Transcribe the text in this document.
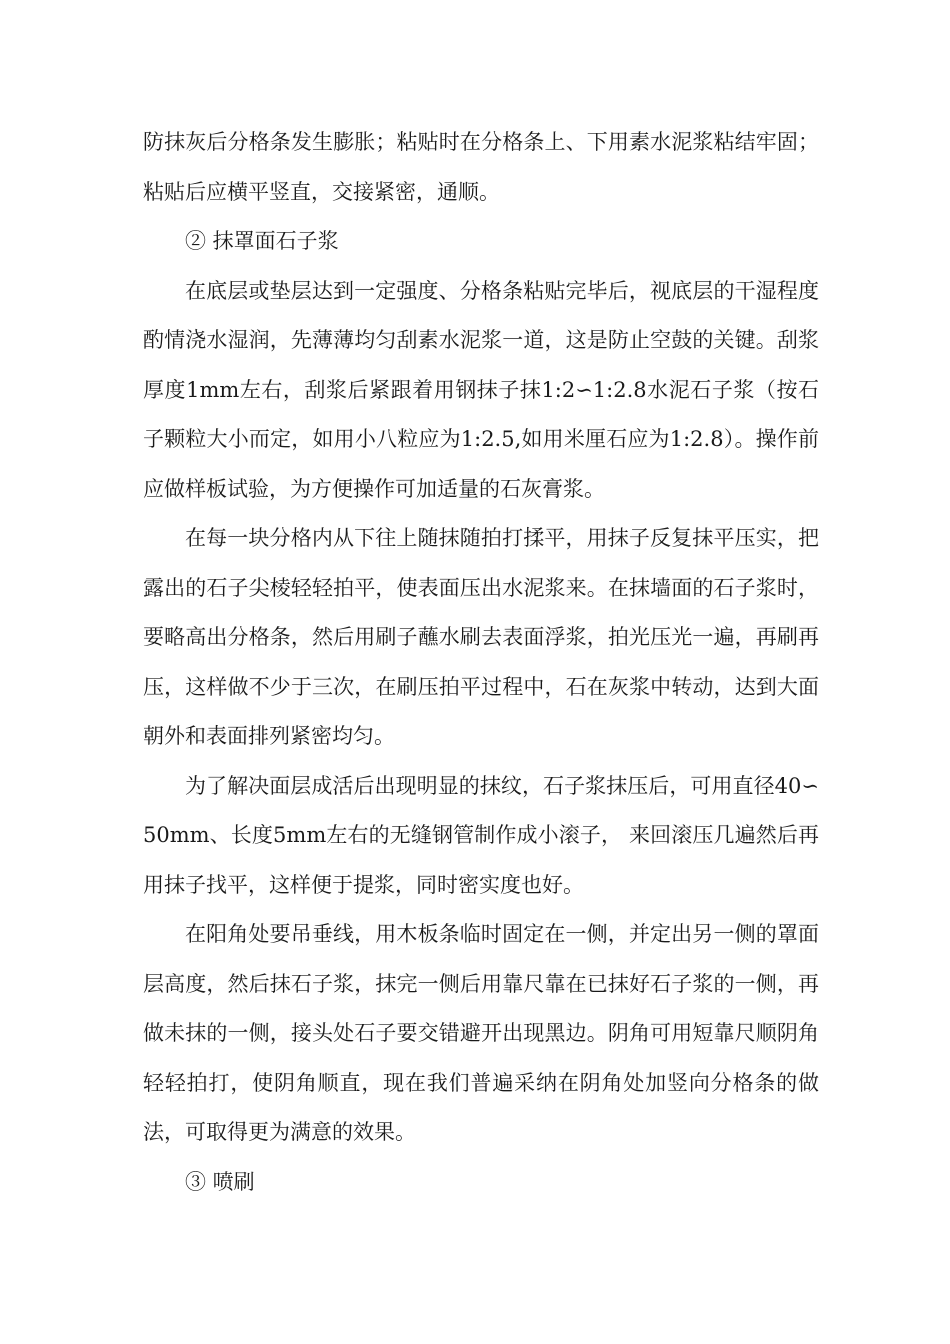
防抹灰后分格条发生膨胀；粘贴时在分格条上、下用素水泥浆粘结牢固；粘贴后应横平竖直，交接紧密，通顺。

② 抹罩面石子浆

在底层或垫层达到一定强度、分格条粘贴完毕后，视底层的干湿程度酌情浇水湿润，先薄薄均匀刮素水泥浆一道，这是防止空鼓的关键。刮浆厚度1mm左右，刮浆后紧跟着用钢抹子抹1:2∽1:2.8水泥石子浆（按石子颗粒大小而定，如用小八粒应为1:2.5,如用米厘石应为1:2.8）。操作前应做样板试验，为方便操作可加适量的石灰膏浆。

在每一块分格内从下往上随抹随拍打揉平，用抹子反复抹平压实，把露出的石子尖棱轻轻拍平，使表面压出水泥浆来。在抹墙面的石子浆时，要略高出分格条，然后用刷子蘸水刷去表面浮浆，拍光压光一遍，再刷再压，这样做不少于三次，在刷压拍平过程中，石在灰浆中转动，达到大面朝外和表面排列紧密均匀。

为了解决面层成活后出现明显的抹纹，石子浆抹压后，可用直径40∽50mm、长度5mm左右的无缝钢管制作成小滚子， 来回滚压几遍然后再用抹子找平，这样便于提浆，同时密实度也好。

在阳角处要吊垂线，用木板条临时固定在一侧，并定出另一侧的罩面层高度，然后抹石子浆，抹完一侧后用靠尺靠在已抹好石子浆的一侧，再做未抹的一侧，接头处石子要交错避开出现黑边。阴角可用短靠尺顺阴角轻轻拍打，使阴角顺直，现在我们普遍采纳在阴角处加竖向分格条的做法，可取得更为满意的效果。

③ 喷刷
